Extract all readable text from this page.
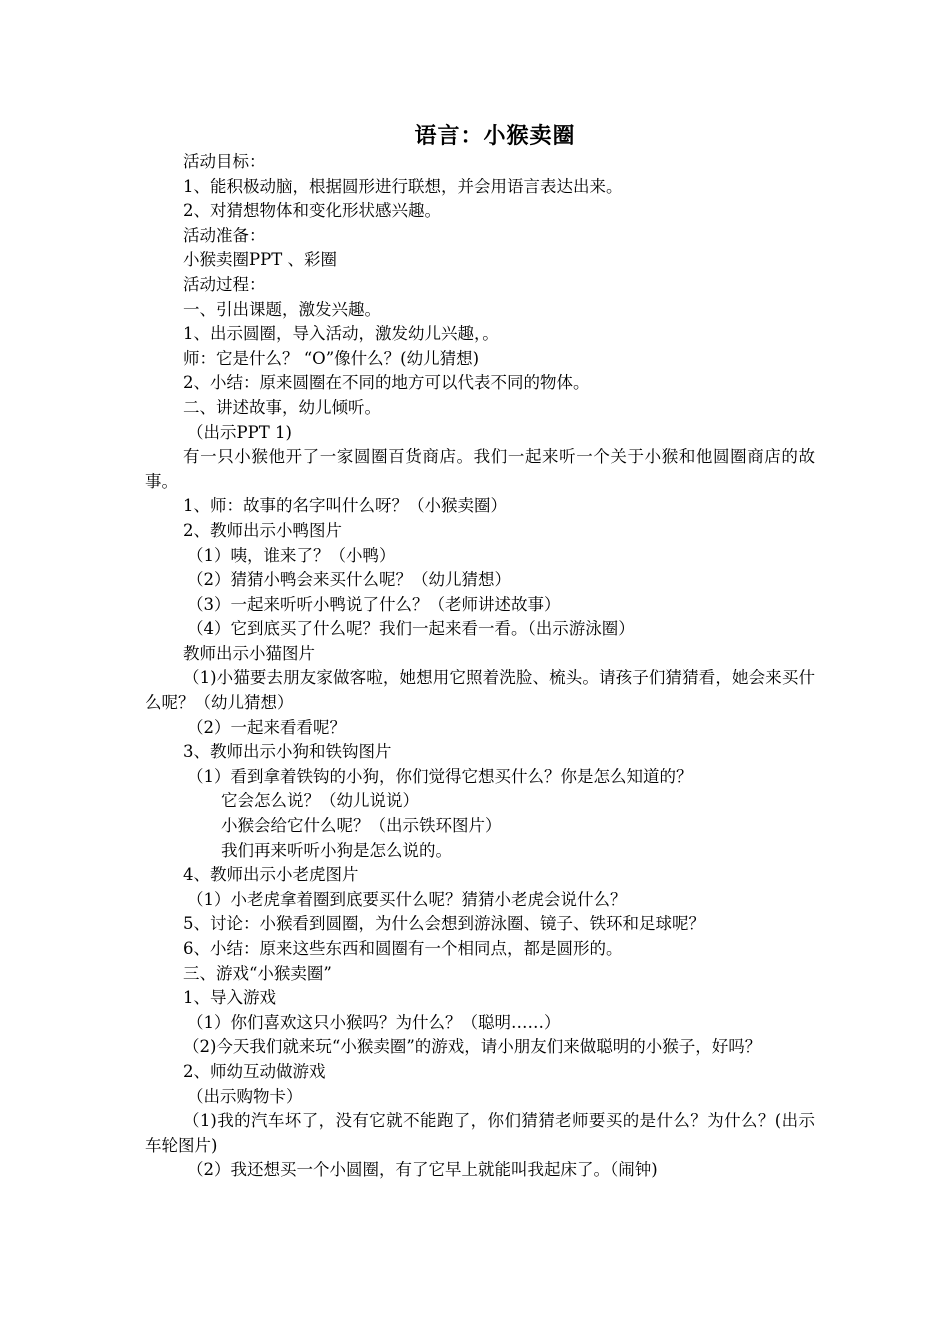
语言：小猴卖圈
活动目标：
1、能积极动脑，根据圆形进行联想，并会用语言表达出来。
2、对猜想物体和变化形状感兴趣。
活动准备：
小猴卖圈PPT 、彩圈
活动过程：
一、引出课题，激发兴趣。
1、出示圆圈，导入活动，激发幼儿兴趣，。
师：它是什么？ “O”像什么？(幼儿猜想)
2、小结：原来圆圈在不同的地方可以代表不同的物体。
二、讲述故事，幼儿倾听。
（出示PPT 1)
有一只小猴他开了一家圆圈百货商店。我们一起来听一个关于小猴和他圆圈商店的故事。
1、师：故事的名字叫什么呀？（小猴卖圈）
2、教师出示小鸭图片
（1）咦，谁来了？（小鸭）
（2）猜猜小鸭会来买什么呢？（幼儿猜想）
（3）一起来听听小鸭说了什么？（老师讲述故事）
（4）它到底买了什么呢？我们一起来看一看。（出示游泳圈）
教师出示小猫图片
（1)小猫要去朋友家做客啦，她想用它照着洗脸、梳头。请孩子们猜猜看，她会来买什么呢？（幼儿猜想）
（2）一起来看看呢？
3、教师出示小狗和铁钩图片
（1）看到拿着铁钩的小狗，你们觉得它想买什么？你是怎么知道的？
它会怎么说？（幼儿说说）
小猴会给它什么呢？（出示铁环图片）
我们再来听听小狗是怎么说的。
4、教师出示小老虎图片
（1）小老虎拿着圈到底要买什么呢？猜猜小老虎会说什么？
5、讨论：小猴看到圆圈，为什么会想到游泳圈、镜子、铁环和足球呢？
6、小结：原来这些东西和圆圈有一个相同点，都是圆形的。
三、游戏“小猴卖圈”
1、导入游戏
（1）你们喜欢这只小猴吗？为什么？（聪明……）
（2)今天我们就来玩“小猴卖圈”的游戏，请小朋友们来做聪明的小猴子，好吗？
2、师幼互动做游戏
（出示购物卡）
（1)我的汽车坏了，没有它就不能跑了，你们猜猜老师要买的是什么？为什么？(出示车轮图片)
（2）我还想买一个小圆圈，有了它早上就能叫我起床了。（闹钟)
